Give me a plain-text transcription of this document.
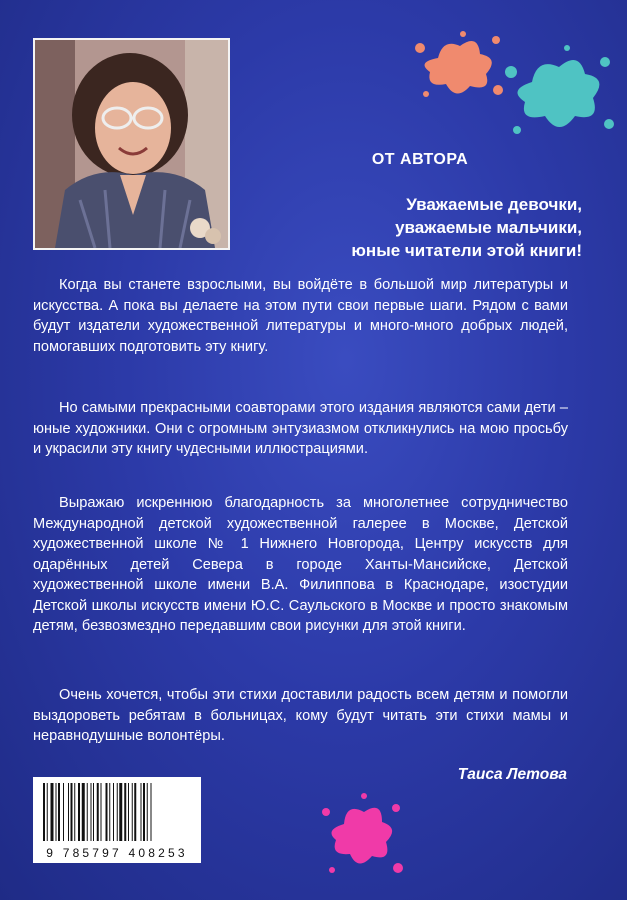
ОТ АВТОРА
Уважаемые девочки,
уважаемые мальчики,
юные читатели этой книги!

Когда вы станете взрослыми, вы войдёте в большой мир литературы и искусства. А пока вы делаете на этом пути свои первые шаги. Рядом с вами будут издатели художественной литературы и много-много добрых людей, помогавших подготовить эту книгу.

Но самыми прекрасными соавторами этого издания являются сами дети – юные художники. Они с огромным энтузиазмом откликнулись на мою просьбу и украсили эту книгу чудесными иллюстрациями.

Выражаю искреннюю благодарность за многолетнее сотрудничество Международной детской художественной галерее в Москве, Детской художественной школе № 1 Нижнего Новгорода, Центру искусств для одарённых детей Севера в городе Ханты-Мансийске, Детской художественной школе имени В.А. Филиппова в Краснодаре, изостудии Детской школы искусств имени Ю.С. Саульского в Москве и просто знакомым детям, безвозмездно передавшим свои рисунки для этой книги.

Очень хочется, чтобы эти стихи доставили радость всем детям и помогли выздороветь ребятам в больницах, кому будут читать эти стихи мамы и неравнодушные волонтёры.

Таиса Летова
9 785797 408253
